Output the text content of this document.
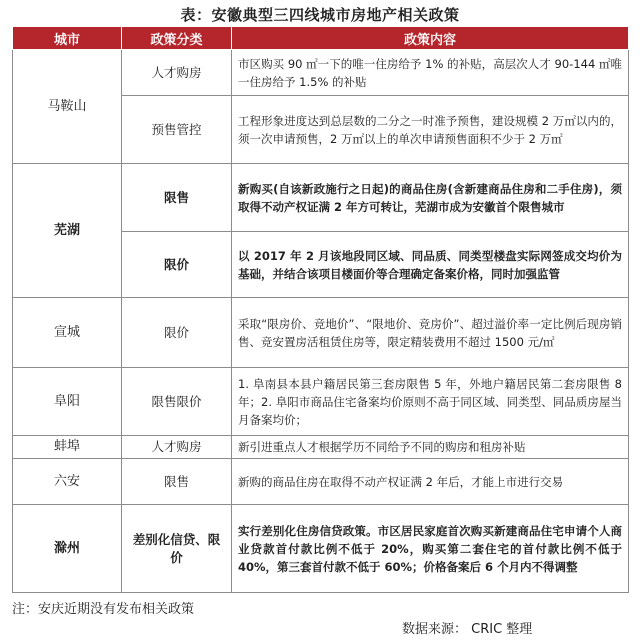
表：安徽典型三四线城市房地产相关政策
城市	政策分类	政策内容
马鞍山	人才购房	市区购买 90 ㎡一下的唯一住房给予 1% 的补贴，高层次人才 90-144 ㎡唯一住房给予 1.5% 的补贴
	预售管控	工程形象进度达到总层数的二分之一时准予预售，建设规模 2 万㎡以内的，须一次申请预售，2 万㎡以上的单次申请预售面积不少于 2 万㎡
芜湖	限售	新购买(自该新政施行之日起)的商品住房(含新建商品住房和二手住房)，须取得不动产权证满 2 年方可转让，芜湖市成为安徽首个限售城市
	限价	以 2017 年 2 月该地段同区域、同品质、同类型楼盘实际网签成交均价为基础，并结合该项目楼面价等合理确定备案价格，同时加强监管
宣城	限价	采取“限房价、竞地价”、“限地价、竞房价”、超过溢价率一定比例后现房销售、竞安置房活租赁住房等，限定精装费用不超过 1500 元/㎡
阜阳	限售限价	1. 阜南县本县户籍居民第三套房限售 5 年，外地户籍居民第二套房限售 8 年；2. 阜阳市商品住宅备案均价原则不高于同区域、同类型、同品质房屋当月备案均价；
蚌埠	人才购房	新引进重点人才根据学历不同给予不同的购房和租房补贴
六安	限售	新购的商品住房在取得不动产权证满 2 年后，才能上市进行交易
滁州	差别化信贷、限价	实行差别化住房信贷政策。市区居民家庭首次购买新建商品住宅申请个人商业贷款首付款比例不低于 20%，购买第二套住宅的首付款比例不低于 40%，第三套首付款不低于 60%；价格备案后 6 个月内不得调整
注：安庆近期没有发布相关政策
数据来源： CRIC 整理
